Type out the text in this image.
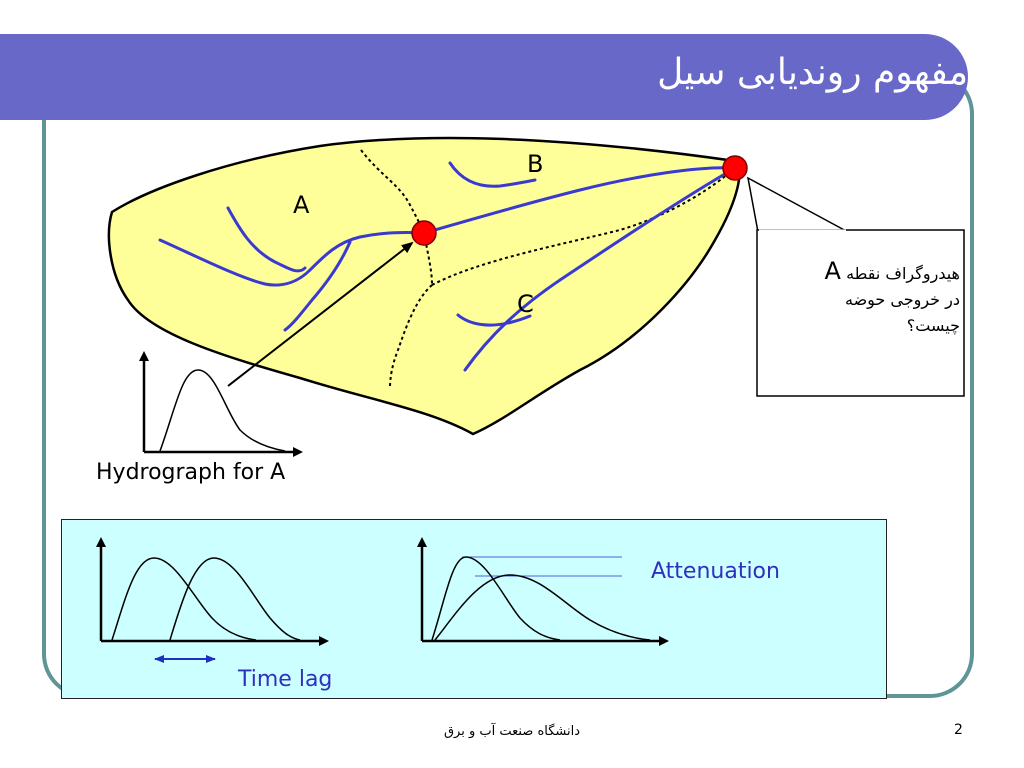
مفهوم روندیابی سیل
A
B
C
هیدروگراف نقطه A
در خروجی حوضه
چیست؟
Hydrograph for A
Time lag
Attenuation
دانشگاه صنعت آب و برق	2
